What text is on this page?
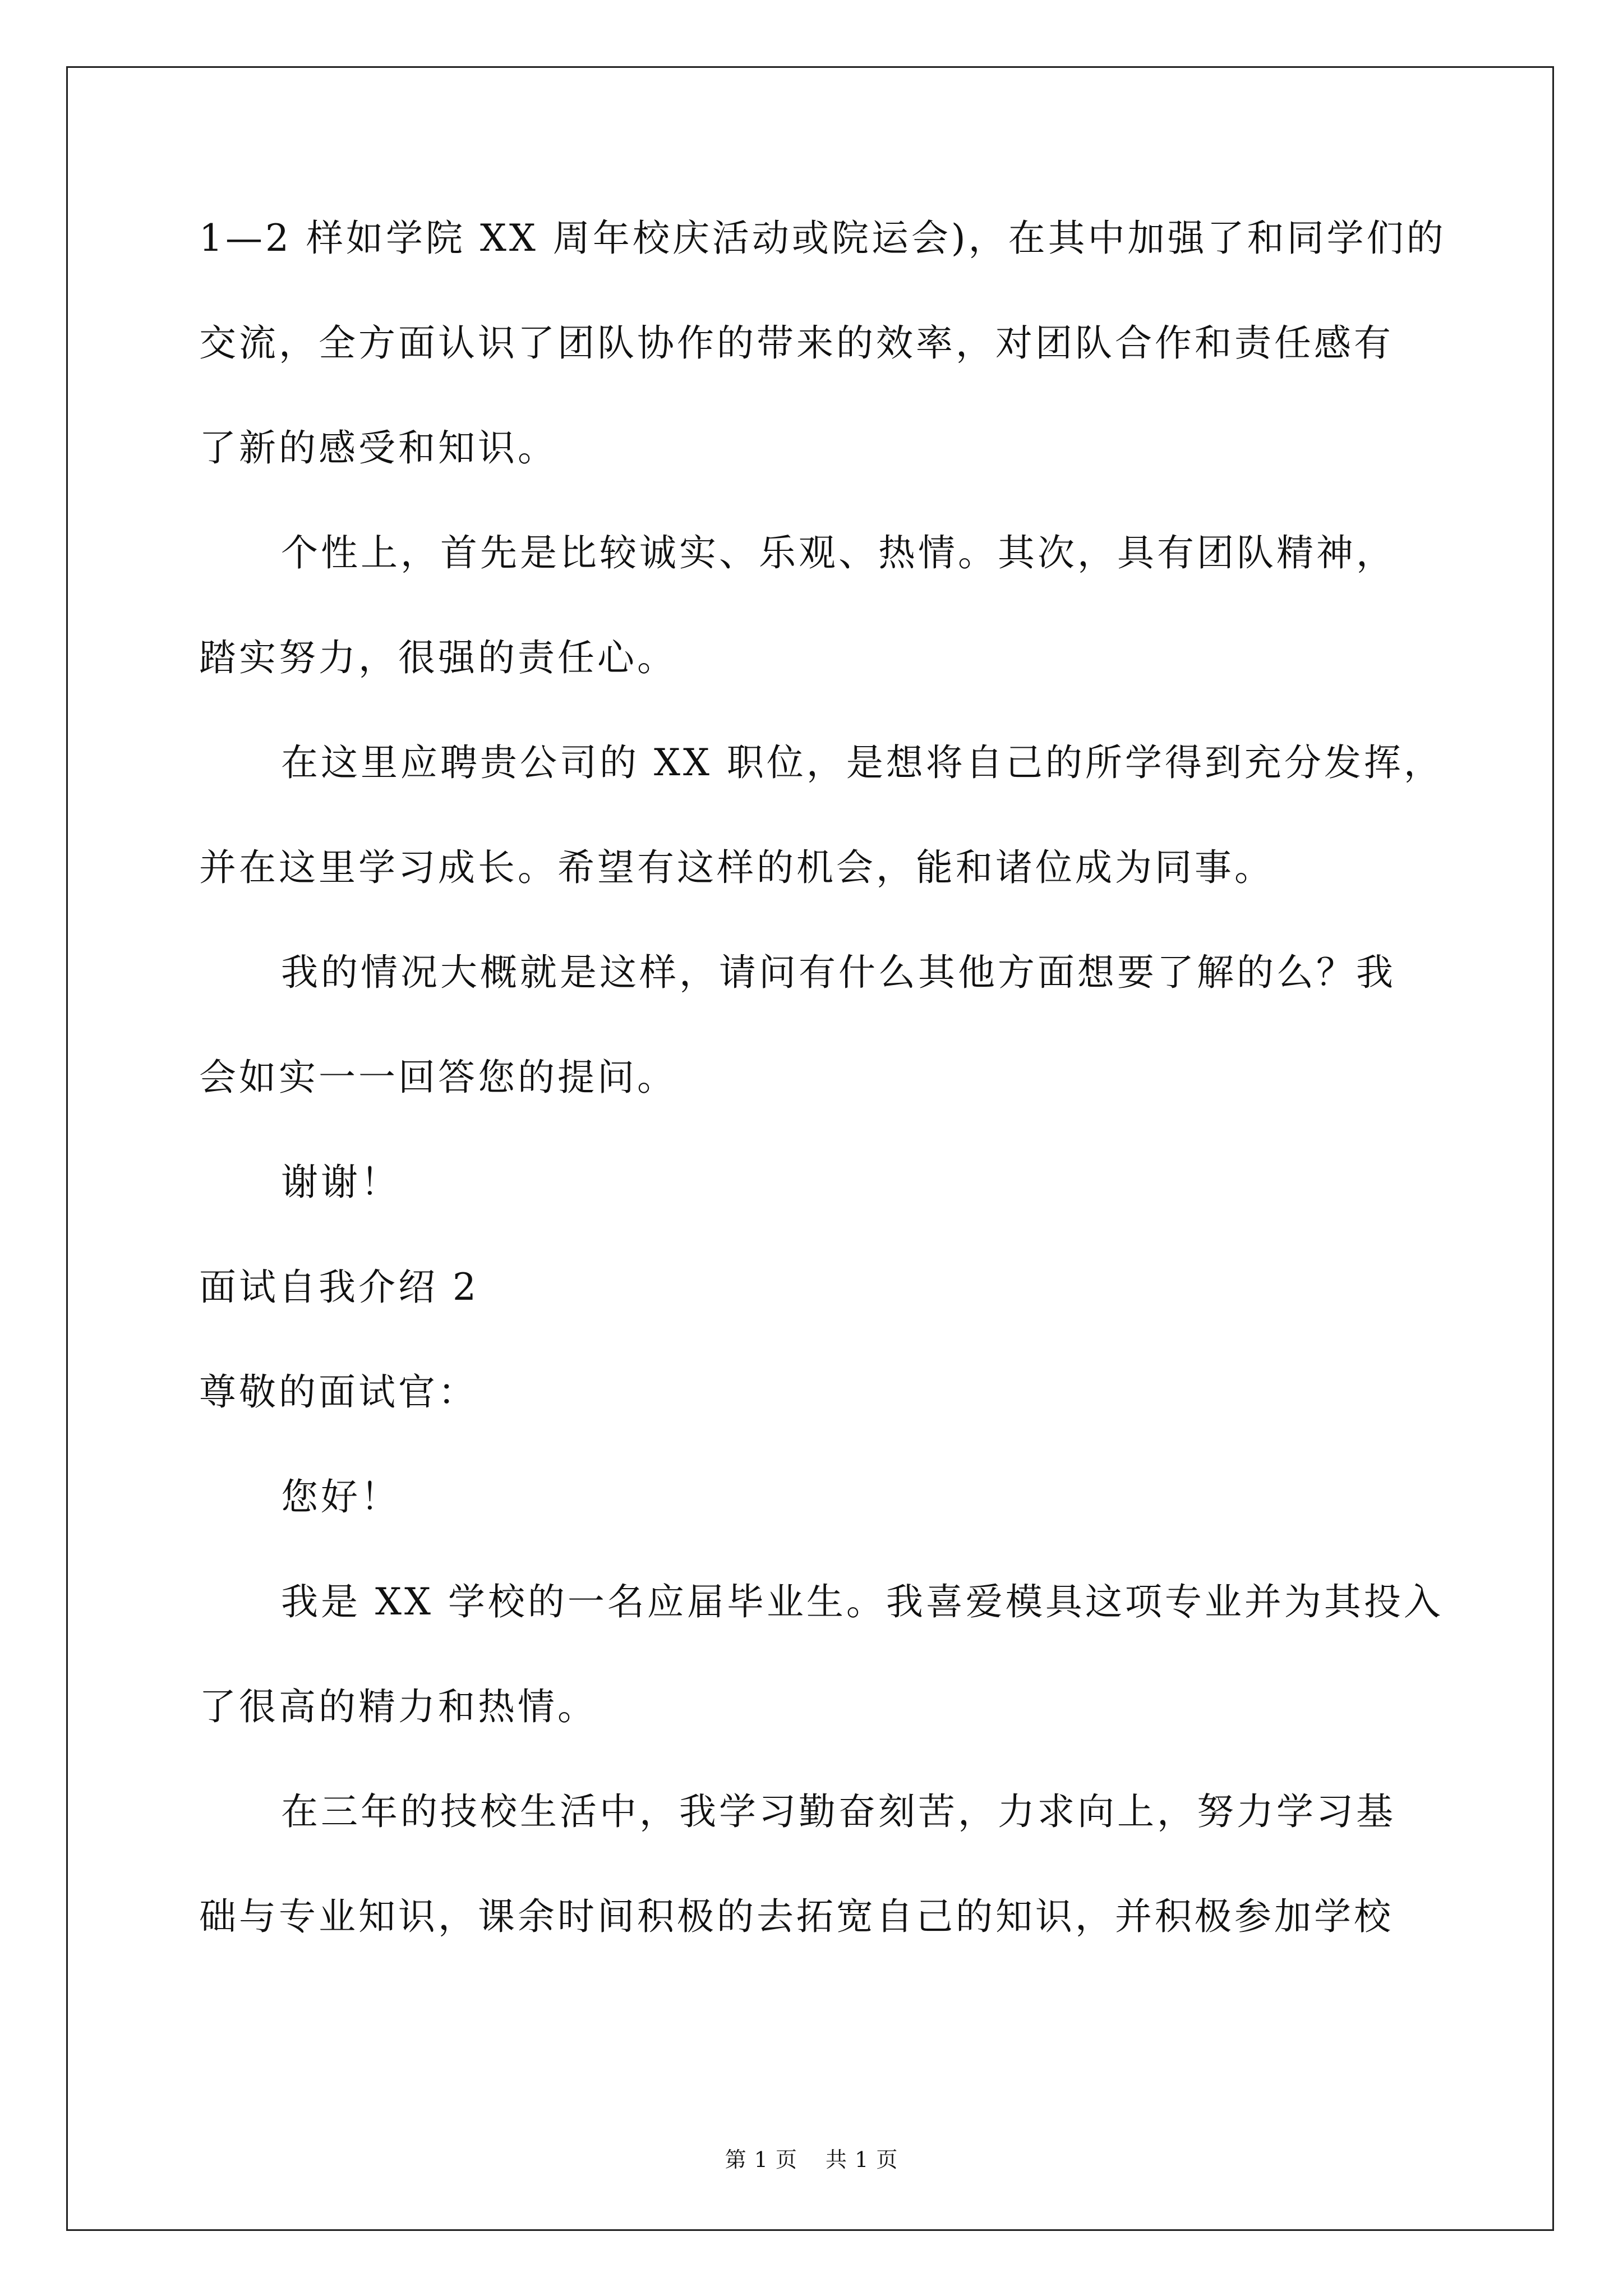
1—2 样如学院 XX 周年校庆活动或院运会)，在其中加强了和同学们的
交流，全方面认识了团队协作的带来的效率，对团队合作和责任感有
了新的感受和知识。
个性上，首先是比较诚实、乐观、热情。其次，具有团队精神，
踏实努力，很强的责任心。
在这里应聘贵公司的 XX 职位，是想将自己的所学得到充分发挥，
并在这里学习成长。希望有这样的机会，能和诸位成为同事。
我的情况大概就是这样，请问有什么其他方面想要了解的么？我
会如实一一回答您的提问。
谢谢！
面试自我介绍 2
尊敬的面试官：
您好！
我是 XX 学校的一名应届毕业生。我喜爱模具这项专业并为其投入
了很高的精力和热情。
在三年的技校生活中，我学习勤奋刻苦，力求向上，努力学习基
础与专业知识，课余时间积极的去拓宽自己的知识，并积极参加学校
第 1 页 共 1 页
